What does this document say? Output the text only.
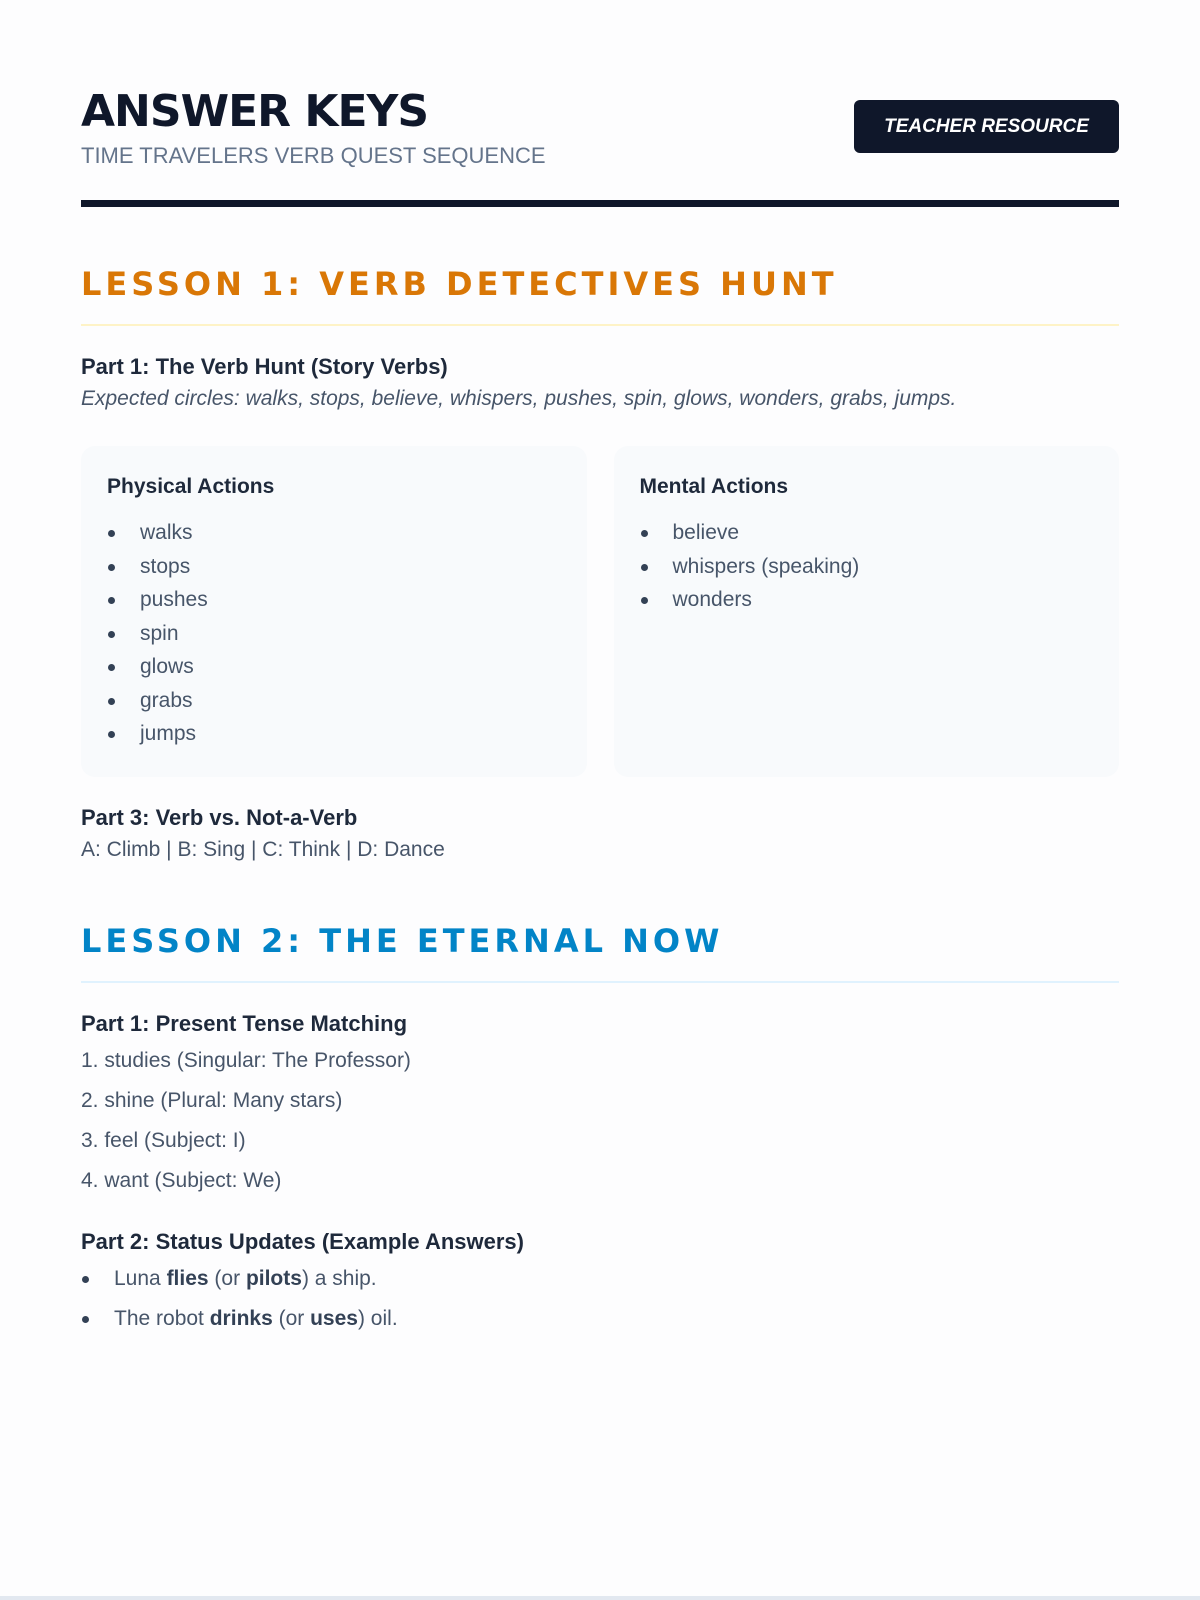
ANSWER KEYS
TIME TRAVELERS VERB QUEST SEQUENCE
TEACHER RESOURCE
LESSON 1: VERB DETECTIVES HUNT
Part 1: The Verb Hunt (Story Verbs)
Expected circles: walks, stops, believe, whispers, pushes, spin, glows, wonders, grabs, jumps.
Physical Actions
walks
stops
pushes
spin
glows
grabs
jumps
Mental Actions
believe
whispers (speaking)
wonders
Part 3: Verb vs. Not-a-Verb
A: Climb | B: Sing | C: Think | D: Dance
LESSON 2: THE ETERNAL NOW
Part 1: Present Tense Matching
1. studies (Singular: The Professor)
2. shine (Plural: Many stars)
3. feel (Subject: I)
4. want (Subject: We)
Part 2: Status Updates (Example Answers)
Luna flies (or pilots) a ship.
The robot drinks (or uses) oil.
